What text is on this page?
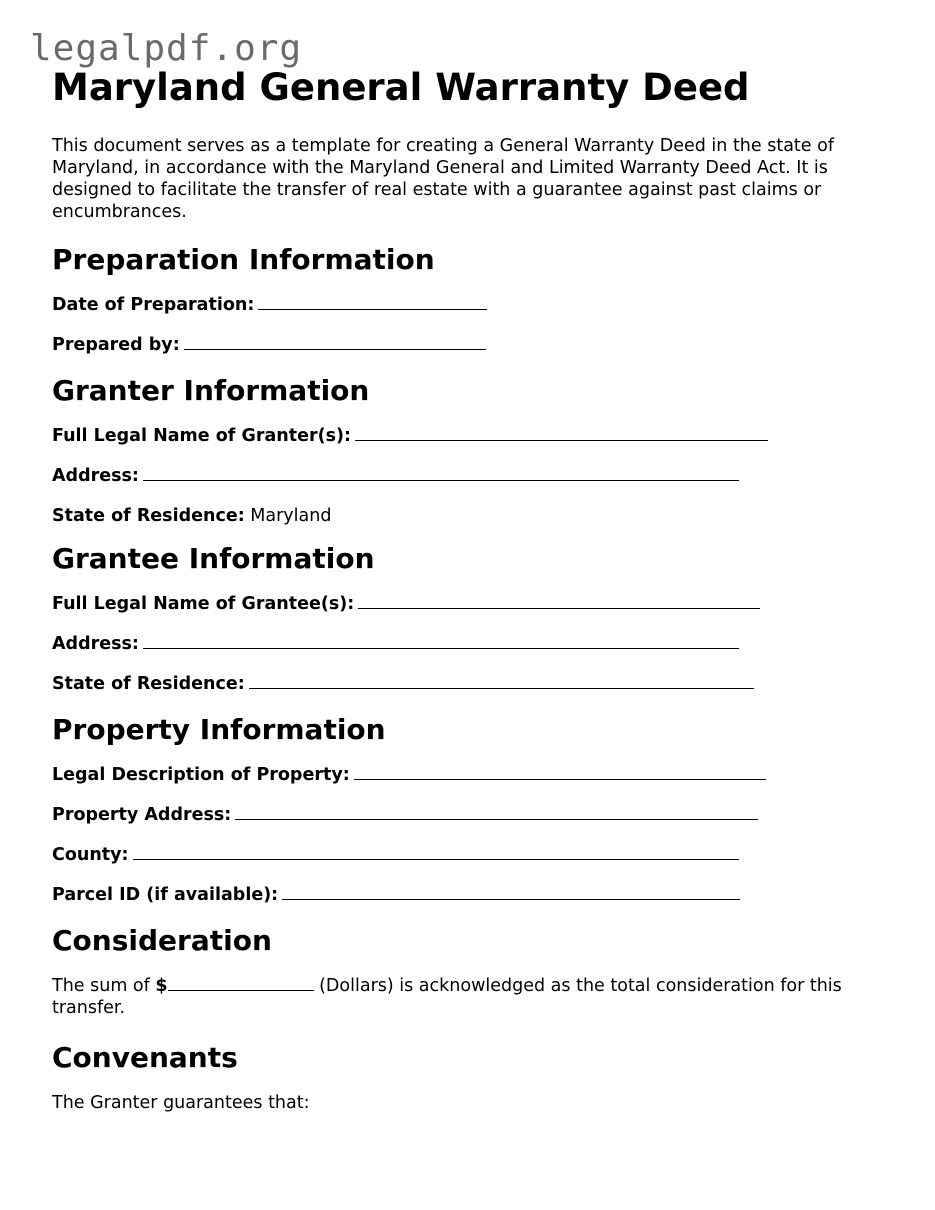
legalpdf.org
Maryland General Warranty Deed

This document serves as a template for creating a General Warranty Deed in the state of Maryland, in accordance with the Maryland General and Limited Warranty Deed Act. It is designed to facilitate the transfer of real estate with a guarantee against past claims or encumbrances.

Preparation Information
Date of Preparation:
Prepared by:
Granter Information
Full Legal Name of Granter(s):
Address:
State of Residence: Maryland
Grantee Information
Full Legal Name of Grantee(s):
Address:
State of Residence:
Property Information
Legal Description of Property:
Property Address:
County:
Parcel ID (if available):
Consideration
The sum of $	(Dollars) is acknowledged as the total consideration for this transfer.
Convenants
The Granter guarantees that:
